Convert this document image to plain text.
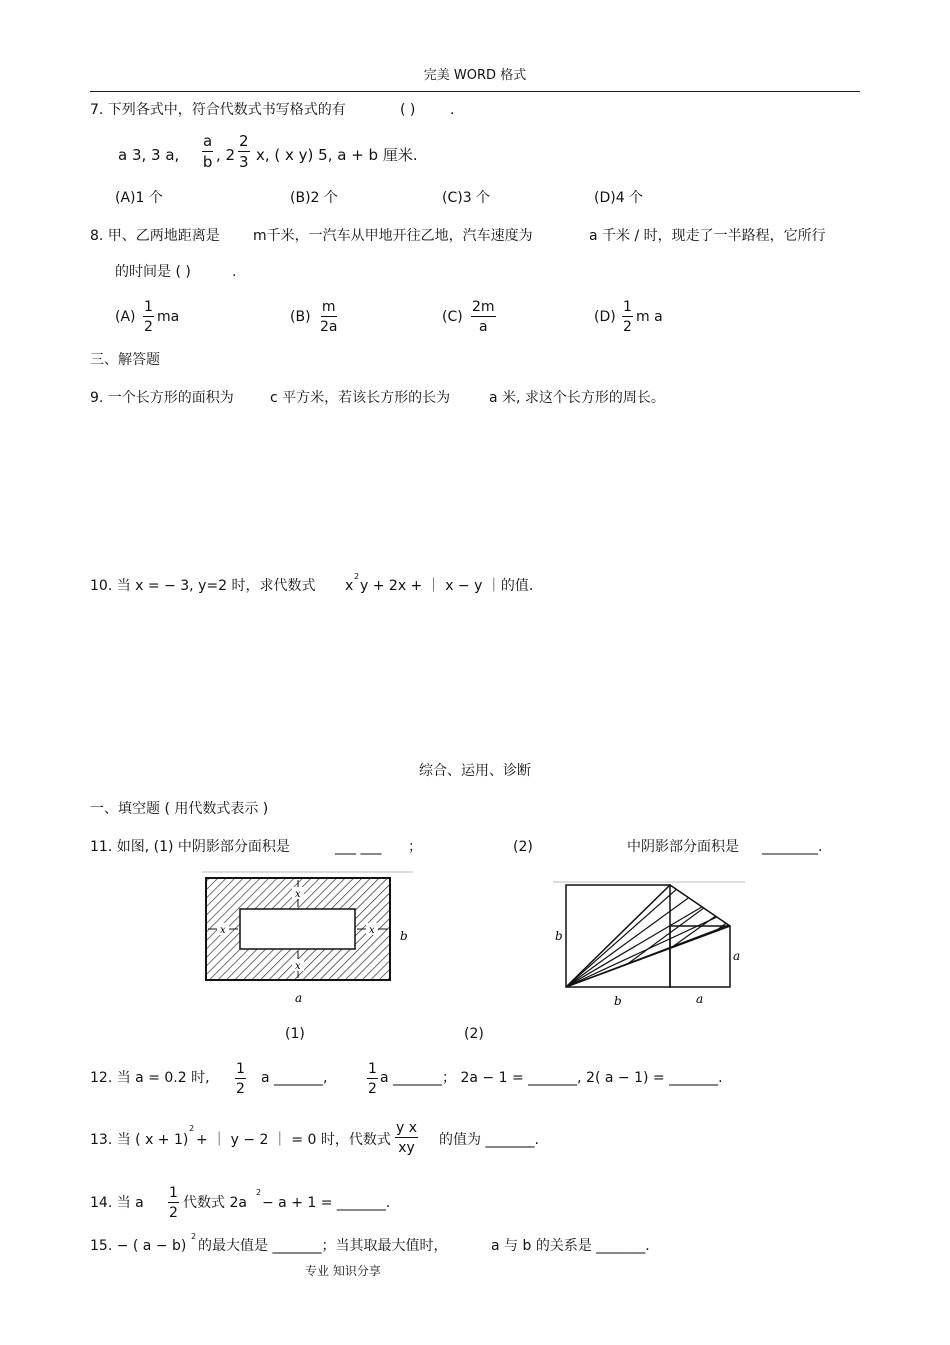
完美 WORD 格式
7. 下列各式中，符合代数式书写格式的有	( ) .
a 3, 3 a, $\frac{a}{b}$ , $2 \frac{2}{3} x$, ( x y) 5, a + b 厘米.
(A)1 个	(B)2 个	(C)3 个	(D)4 个
8. 甲、乙两地距离是 m千米，一汽车从甲地开往乙地，汽车速度为	a 千米 / 时，现走了一半路程，它所行
的时间是 ( )	.
$(A) \frac{1}{2}$ ma	$(B) \frac{m}{2a}$	$(C) \frac{2m}{a}$	$(D) \frac{1}{2}$ m a
三、解答题
9. 一个长方形的面积为	c 平方米，若该长方形的长为	a 米, 求这个长方形的周长。
10. 当 x = − 3, y=2 时，求代数式 x
2
y + 2x + ｜ x − y ｜的值.
综合、运用、诊断
一、填空题 ( 用代数式表示 )
11. 如图, (1) 中阴影部分面积是	___ ___ ；	(2)	中阴影部分面积是 ________.
x
x
x	x b
a
(1)
b
a
b	a
(2)
12. 当 a = 0.2 时, $\frac{1}{2}$ a _______,	$\frac{1}{2}$ a _______； 2a − 1 = _______, 2( a − 1) = _______.
13. 当 ( x + 1)
2
+ ｜ y − 2 ｜ = 0 时，代数式 $\frac{\text{y x}}{xy}$ 的值为 _______.
14. 当 a $\frac{1}{2}$ 代数式 2a
2
− a + 1 = _______.
15. − ( a − b)
2
的最大值是 _______；当其取最大值时，	a 与 b 的关系是 _______.
专业 知识分享
